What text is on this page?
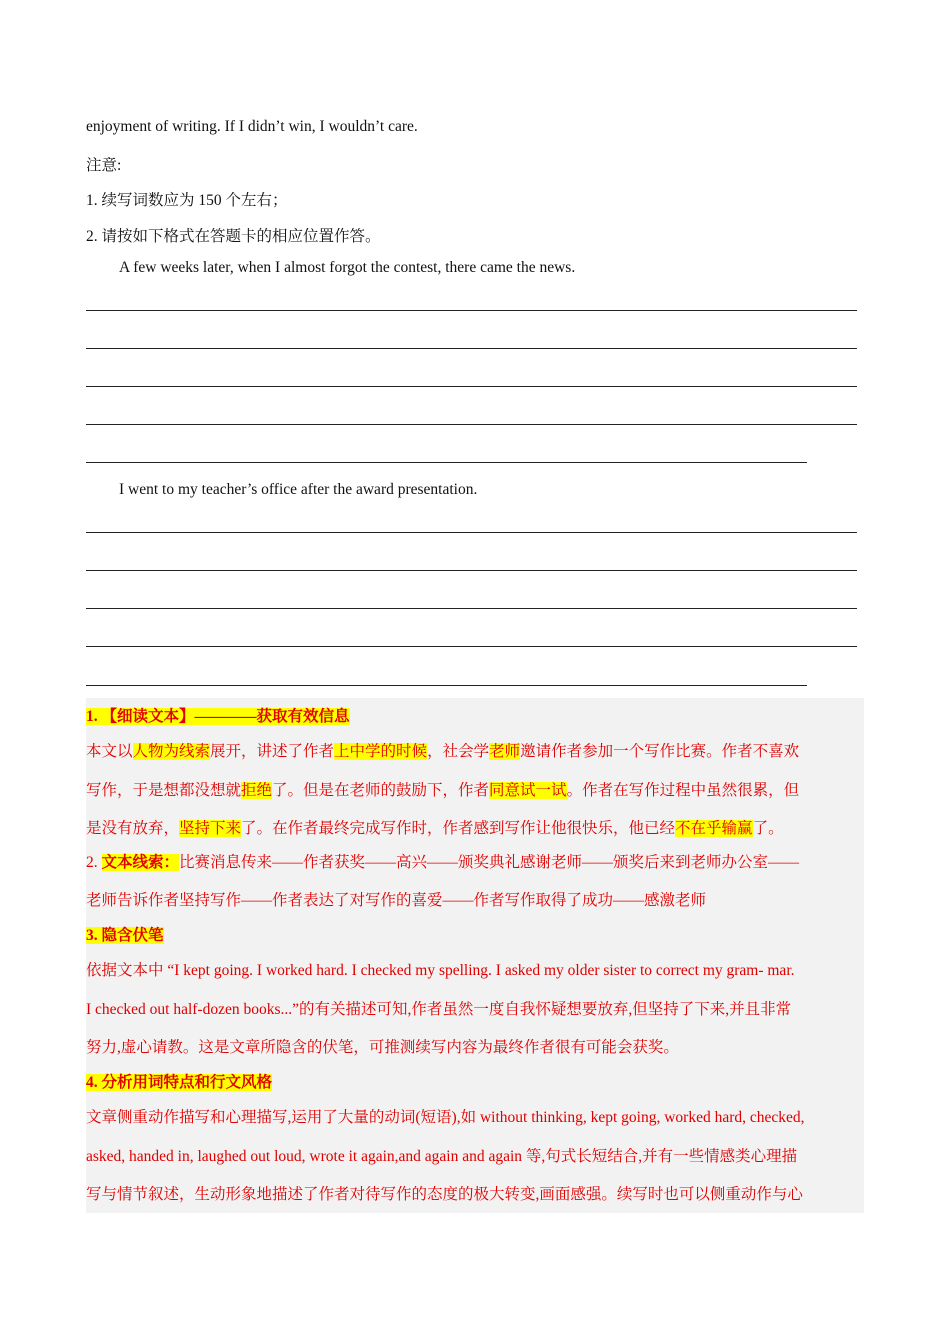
enjoyment of writing. If I didn’t win, I wouldn’t care.
注意:
1. 续写词数应为 150 个左右；
2. 请按如下格式在答题卡的相应位置作答。
A few weeks later, when I almost forgot the contest, there came the news.
I went to my teacher’s office after the award presentation.
1. 【细读文本】————获取有效信息
本文以人物为线索展开，讲述了作者上中学的时候，社会学老师邀请作者参加一个写作比赛。作者不喜欢
写作，于是想都没想就拒绝了。但是在老师的鼓励下，作者同意试一试。作者在写作过程中虽然很累，但
是没有放弃，坚持下来了。在作者最终完成写作时，作者感到写作让他很快乐，他已经不在乎输赢了。
2. 文本线索：比赛消息传来——作者获奖——高兴——颁奖典礼感谢老师——颁奖后来到老师办公室——
老师告诉作者坚持写作——作者表达了对写作的喜爱——作者写作取得了成功——感激老师
3. 隐含伏笔
依据文本中 “I kept going. I worked hard. I checked my spelling. I asked my older sister to correct my gram- mar.
I checked out half-dozen books...”的有关描述可知,作者虽然一度自我怀疑想要放弃,但坚持了下来,并且非常
努力,虚心请教。这是文章所隐含的伏笔，可推测续写内容为最终作者很有可能会获奖。
4. 分析用词特点和行文风格
文章侧重动作描写和心理描写,运用了大量的动词(短语),如 without thinking, kept going, worked hard, checked,
asked, handed in, laughed out loud, wrote it again,and again and again 等,句式长短结合,并有一些情感类心理描
写与情节叙述，生动形象地描述了作者对待写作的态度的极大转变,画面感强。续写时也可以侧重动作与心
